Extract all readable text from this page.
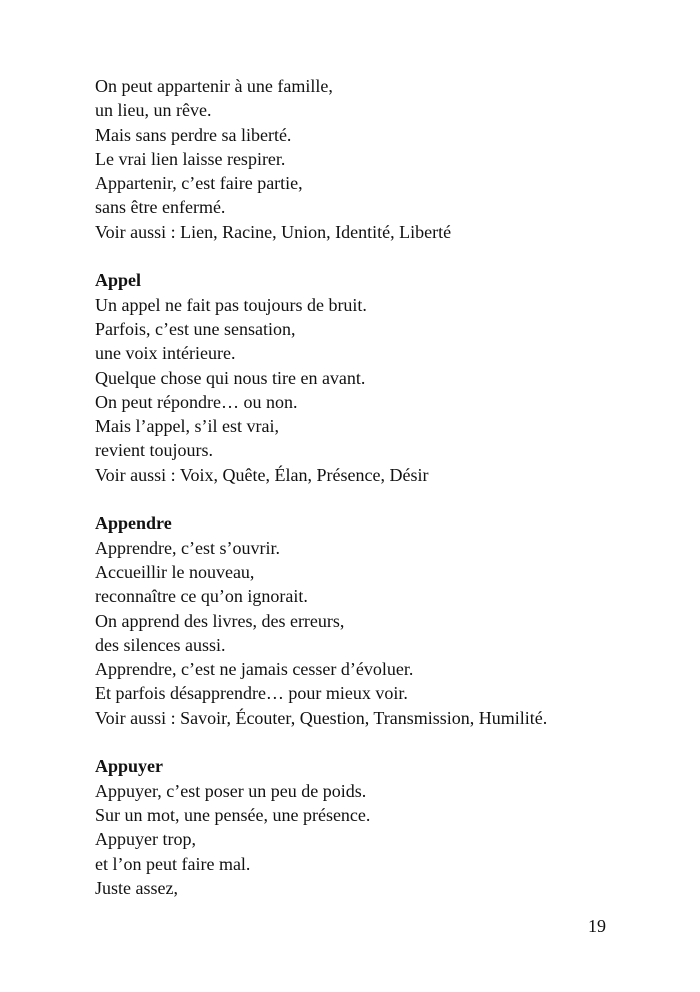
On peut appartenir à une famille,
un lieu, un rêve.
Mais sans perdre sa liberté.
Le vrai lien laisse respirer.
Appartenir, c’est faire partie,
sans être enfermé.
Voir aussi : Lien, Racine, Union, Identité, Liberté
Appel
Un appel ne fait pas toujours de bruit.
Parfois, c’est une sensation,
une voix intérieure.
Quelque chose qui nous tire en avant.
On peut répondre… ou non.
Mais l’appel, s’il est vrai,
revient toujours.
Voir aussi : Voix, Quête, Élan, Présence, Désir
Appendre
Apprendre, c’est s’ouvrir.
Accueillir le nouveau,
reconnaître ce qu’on ignorait.
On apprend des livres, des erreurs,
des silences aussi.
Apprendre, c’est ne jamais cesser d’évoluer.
Et parfois désapprendre… pour mieux voir.
Voir aussi : Savoir, Écouter, Question, Transmission, Humilité.
Appuyer
Appuyer, c’est poser un peu de poids.
Sur un mot, une pensée, une présence.
Appuyer trop,
et l’on peut faire mal.
Juste assez,
19
